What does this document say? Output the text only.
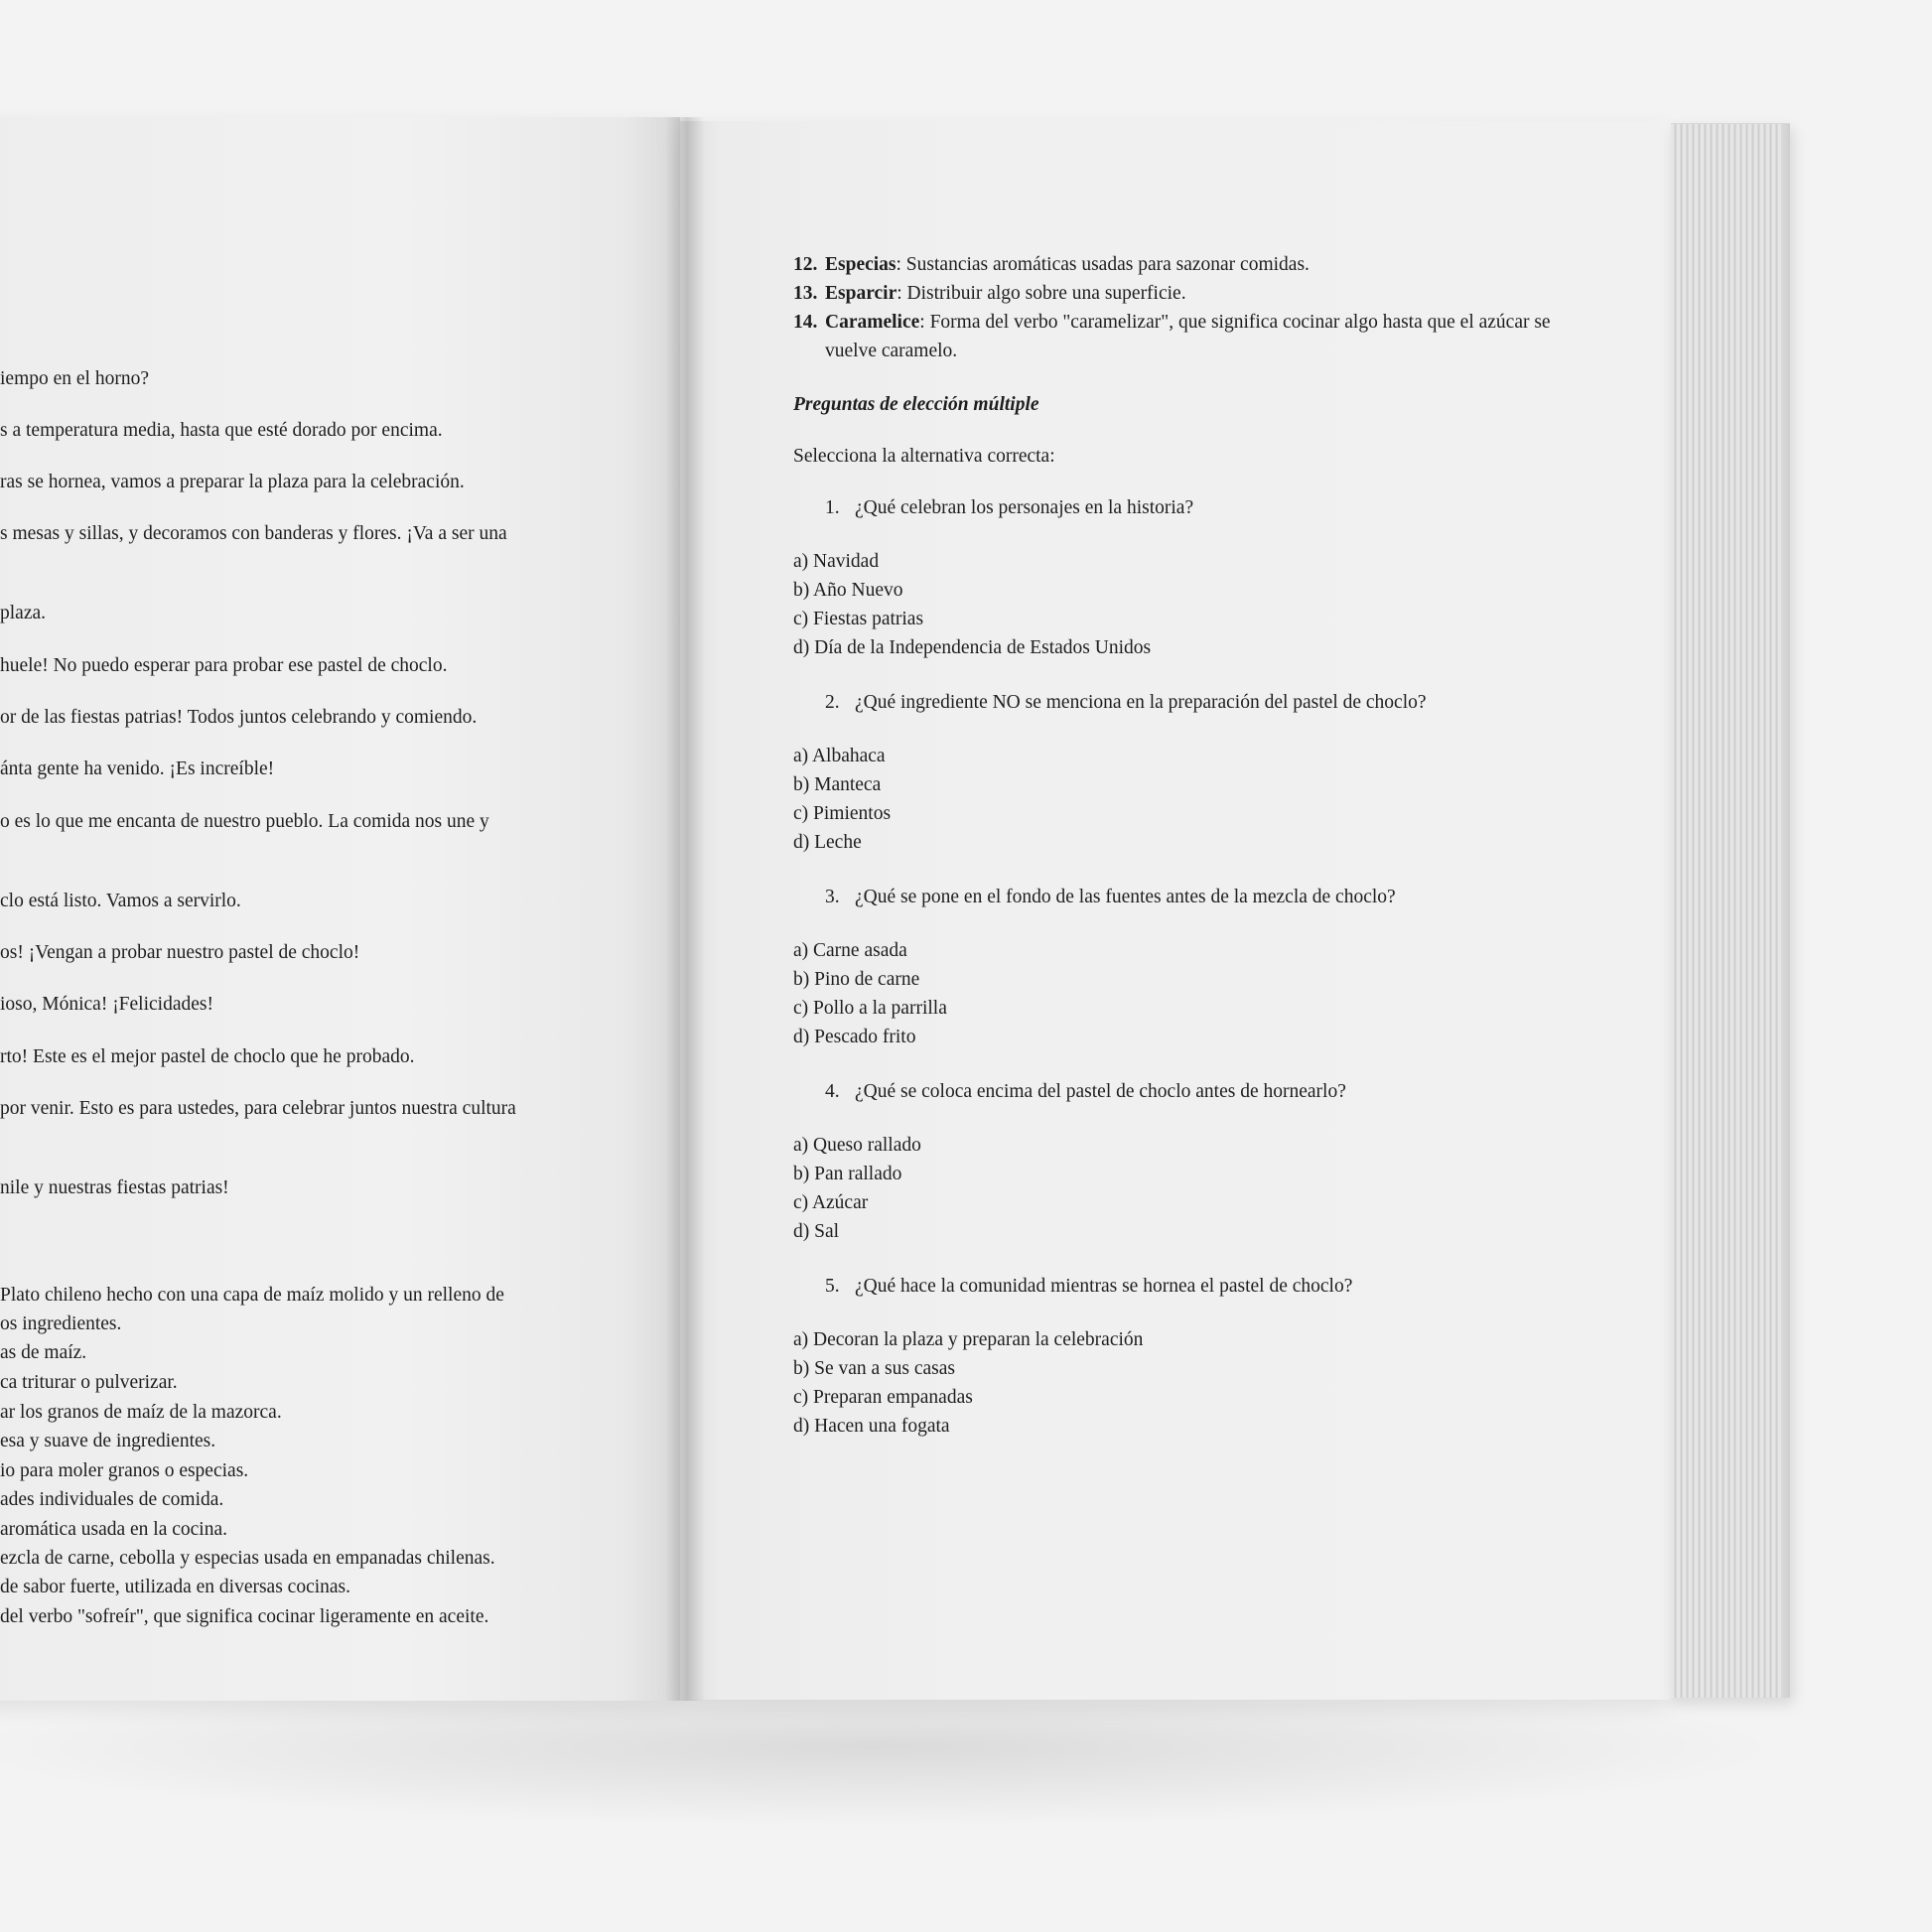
iempo en el horno?
s a temperatura media, hasta que esté dorado por encima.
ras se hornea, vamos a preparar la plaza para la celebración.
s mesas y sillas, y decoramos con banderas y flores. ¡Va a ser una
plaza.
huele! No puedo esperar para probar ese pastel de choclo.
or de las fiestas patrias! Todos juntos celebrando y comiendo.
ánta gente ha venido. ¡Es increíble!
o es lo que me encanta de nuestro pueblo. La comida nos une y
clo está listo. Vamos a servirlo.
os! ¡Vengan a probar nuestro pastel de choclo!
ioso, Mónica! ¡Felicidades!
rto! Este es el mejor pastel de choclo que he probado.
por venir. Esto es para ustedes, para celebrar juntos nuestra cultura
nile y nuestras fiestas patrias!
Plato chileno hecho con una capa de maíz molido y un relleno de
os ingredientes.
as de maíz.
ca triturar o pulverizar.
ar los granos de maíz de la mazorca.
esa y suave de ingredientes.
io para moler granos o especias.
ades individuales de comida.
aromática usada en la cocina.
ezcla de carne, cebolla y especias usada en empanadas chilenas.
de sabor fuerte, utilizada en diversas cocinas.
del verbo "sofreír", que significa cocinar ligeramente en aceite.
12. Especias: Sustancias aromáticas usadas para sazonar comidas.
13. Esparcir: Distribuir algo sobre una superficie.
14. Caramelice: Forma del verbo "caramelizar", que significa cocinar algo hasta que el azúcar se vuelve caramelo.
Preguntas de elección múltiple
Selecciona la alternativa correcta:
1. ¿Qué celebran los personajes en la historia?
a) Navidad
b) Año Nuevo
c) Fiestas patrias
d) Día de la Independencia de Estados Unidos
2. ¿Qué ingrediente NO se menciona en la preparación del pastel de choclo?
a) Albahaca
b) Manteca
c) Pimientos
d) Leche
3. ¿Qué se pone en el fondo de las fuentes antes de la mezcla de choclo?
a) Carne asada
b) Pino de carne
c) Pollo a la parrilla
d) Pescado frito
4. ¿Qué se coloca encima del pastel de choclo antes de hornearlo?
a) Queso rallado
b) Pan rallado
c) Azúcar
d) Sal
5. ¿Qué hace la comunidad mientras se hornea el pastel de choclo?
a) Decoran la plaza y preparan la celebración
b) Se van a sus casas
c) Preparan empanadas
d) Hacen una fogata
